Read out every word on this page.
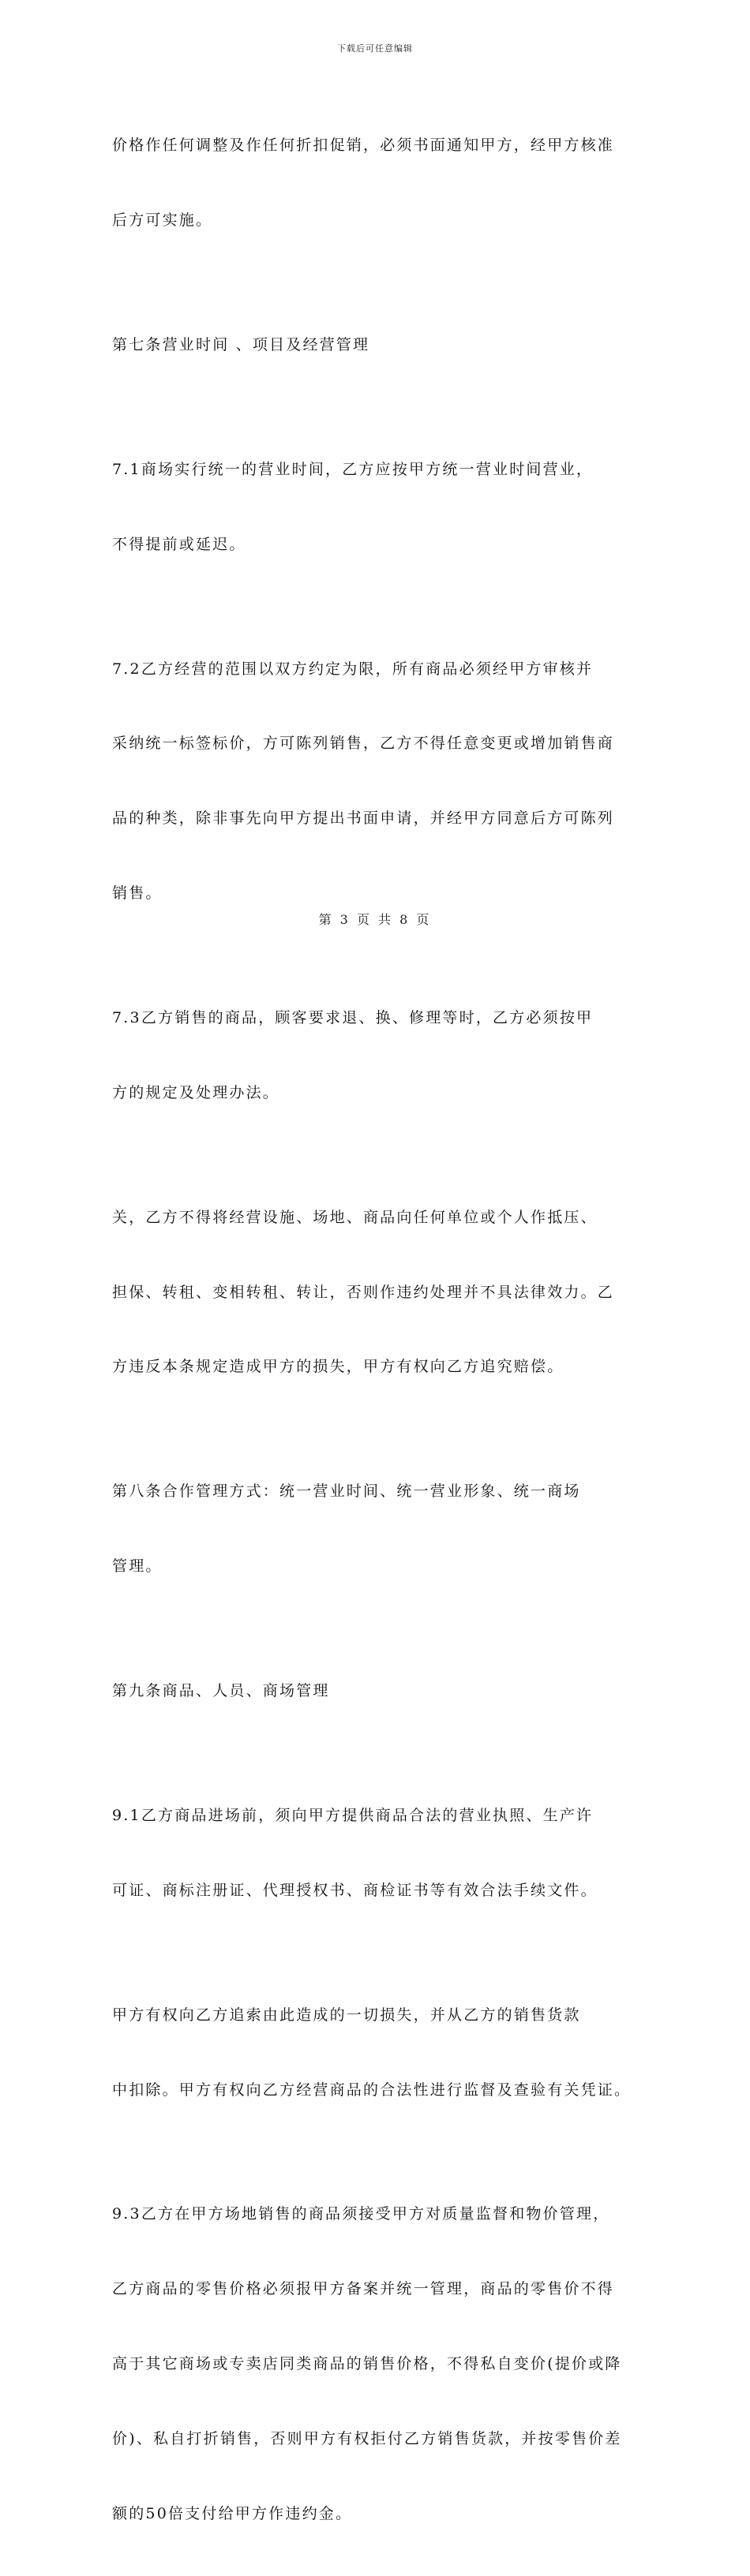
下载后可任意编辑

价格作任何调整及作任何折扣促销，必须书面通知甲方，经甲方核准

后方可实施。

第七条营业时间 、项目及经营管理

7.1商场实行统一的营业时间，乙方应按甲方统一营业时间营业，

不得提前或延迟。

7.2乙方经营的范围以双方约定为限，所有商品必须经甲方审核并

采纳统一标签标价，方可陈列销售，乙方不得任意变更或增加销售商

品的种类，除非事先向甲方提出书面申请，并经甲方同意后方可陈列

销售。

7.3乙方销售的商品，顾客要求退、换、修理等时，乙方必须按甲

方的规定及处理办法。

关，乙方不得将经营设施、场地、商品向任何单位或个人作抵压、

担保、转租、变相转租、转让，否则作违约处理并不具法律效力。乙

方违反本条规定造成甲方的损失，甲方有权向乙方追究赔偿。

第八条合作管理方式：统一营业时间、统一营业形象、统一商场

管理。

第九条商品、人员、商场管理

9.1乙方商品进场前，须向甲方提供商品合法的营业执照、生产许

可证、商标注册证、代理授权书、商检证书等有效合法手续文件。

甲方有权向乙方追索由此造成的一切损失，并从乙方的销售货款

中扣除。甲方有权向乙方经营商品的合法性进行监督及查验有关凭证。

9.3乙方在甲方场地销售的商品须接受甲方对质量监督和物价管理，

乙方商品的零售价格必须报甲方备案并统一管理，商品的零售价不得

高于其它商场或专卖店同类商品的销售价格，不得私自变价(提价或降

价)、私自打折销售，否则甲方有权拒付乙方销售货款，并按零售价差

额的50倍支付给甲方作违约金。

第 3 页 共 8 页
